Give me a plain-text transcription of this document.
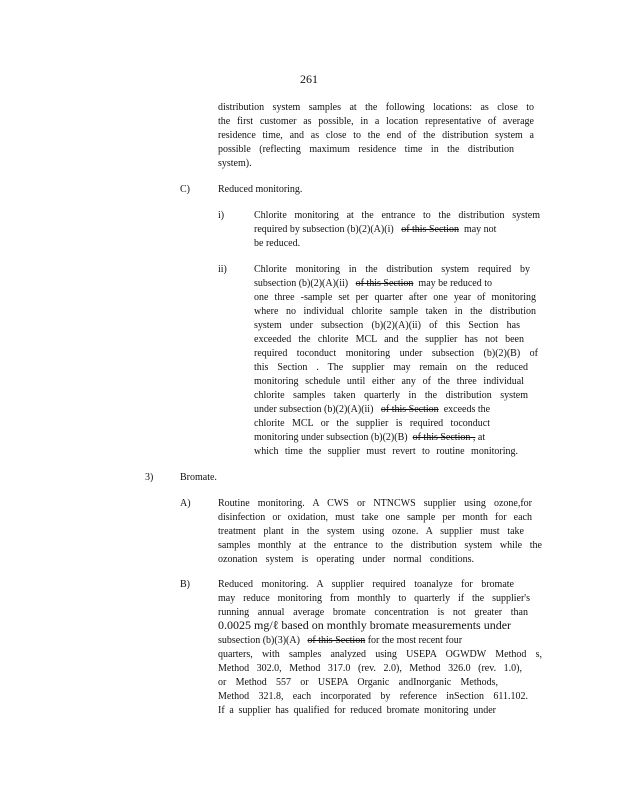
261
distribution system samples at the following locations: as close to
the first customer as possible, in a location representative of average
residence time, and as close to the end of the distribution system a
possible (reflecting maximum residence time in the distribution
system).
C)	Reduced monitoring.
i)	Chlorite monitoring at the entrance to the distribution system
required by subsection (b)(2)(A)(i) of this Section may not
be reduced.
ii)	Chlorite monitoring in the distribution system required by
subsection (b)(2)(A)(ii) of this Section may be reduced to
one three -sample set per quarter after one year of monitoring
where no individual chlorite sample taken in the distribution
system under subsection (b)(2)(A)(ii) of this Section has
exceeded the chlorite MCL and the supplier has not been
required toconduct monitoring under subsection (b)(2)(B) of
this Section . The supplier may remain on the reduced
monitoring schedule until either any of the three individual
chlorite samples taken quarterly in the distribution system
under subsection (b)(2)(A)(ii) of this Section exceeds the
chlorite MCL or the supplier is required toconduct
monitoring under subsection (b)(2)(B) of this Section , at
which time the supplier must revert to routine monitoring.
3)	Bromate.
A)	Routine monitoring. A CWS or NTNCWS supplier using ozone,for
disinfection or oxidation, must take one sample per month for each
treatment plant in the system using ozone. A supplier must take
samples monthly at the entrance to the distribution system while the
ozonation system is operating under normal conditions.
B)	Reduced monitoring. A supplier required toanalyze for bromate
may reduce monitoring from monthly to quarterly if the supplier's
running annual average bromate concentration is not greater than
0.0025 mg/ℓ based on monthly bromate measurements under
subsection (b)(3)(A) of this Section for the most recent four
quarters, with samples analyzed using USEPA OGWDW Method s,
Method 302.0, Method 317.0 (rev. 2.0), Method 326.0 (rev. 1.0),
or Method 557 or USEPA Organic andInorganic Methods,
Method 321.8, each incorporated by reference inSection 611.102.
If a supplier has qualified for reduced bromate monitoring under
